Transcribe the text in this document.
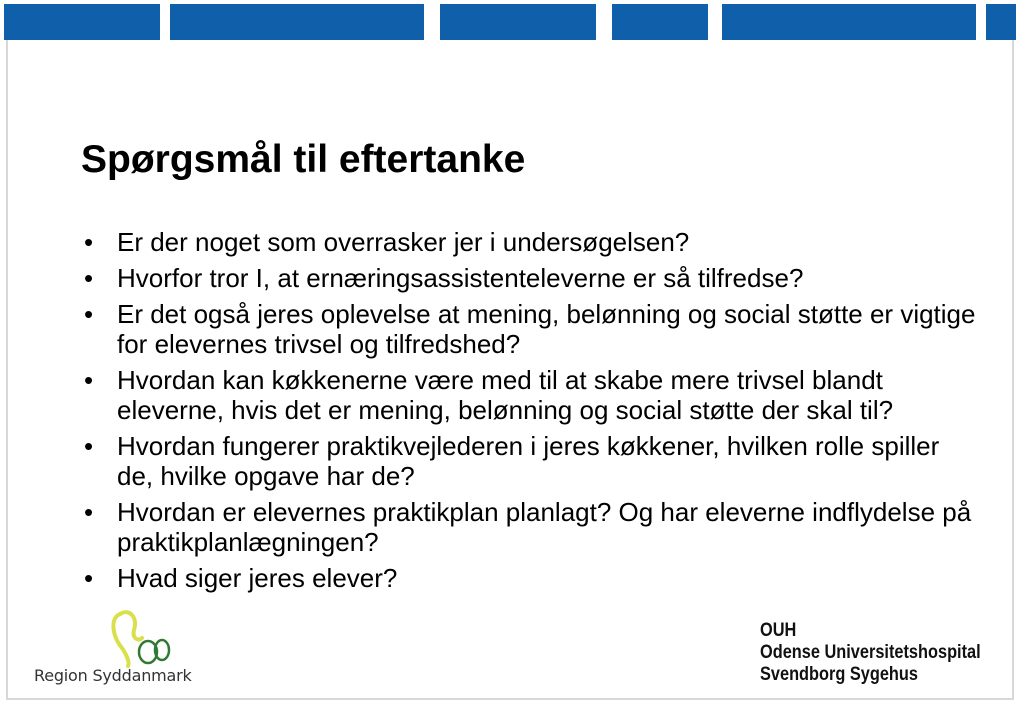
Spørgsmål til eftertanke
• Er der noget som overrasker jer i undersøgelsen?
• Hvorfor tror I, at ernæringsassistenteleverne er så tilfredse?
• Er det også jeres oplevelse at mening, belønning og social støtte er vigtige for elevernes trivsel og tilfredshed?
• Hvordan kan køkkenerne være med til at skabe mere trivsel blandt eleverne, hvis det er mening, belønning og social støtte der skal til?
• Hvordan fungerer praktikvejlederen i jeres køkkener, hvilken rolle spiller de, hvilke opgave har de?
• Hvordan er elevernes praktikplan planlagt? Og har eleverne indflydelse på praktikplanlægningen?
• Hvad siger jeres elever?
Region Syddanmark
OUH
Odense Universitetshospital
Svendborg Sygehus
